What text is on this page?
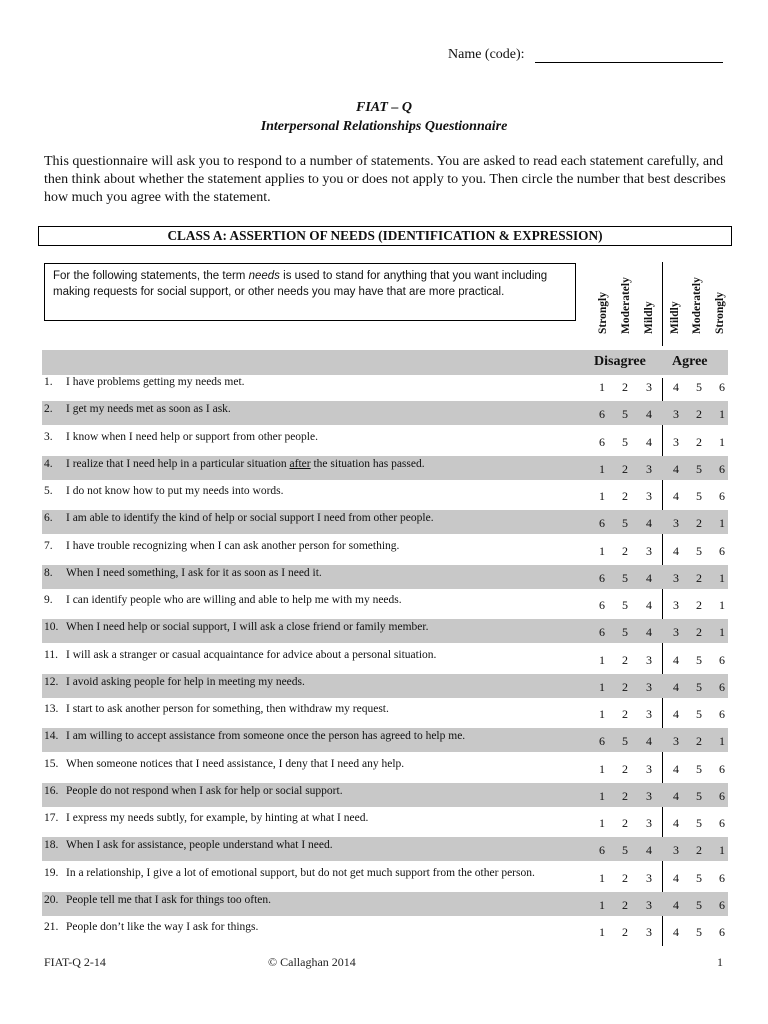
Name (code):
FIAT – Q
Interpersonal Relationships Questionnaire
This questionnaire will ask you to respond to a number of statements. You are asked to read each statement carefully, and then think about whether the statement applies to you or does not apply to you. Then circle the number that best describes how much you agree with the statement.
CLASS A: ASSERTION OF NEEDS (IDENTIFICATION & EXPRESSION)
For the following statements, the term needs is used to stand for anything that you want including making requests for social support, or other needs you may have that are more practical.
Strongly Moderately Mildly Mildly Moderately Strongly
Disagree Agree
1. I have problems getting my needs met.	1	2	3	4	5	6
2. I get my needs met as soon as I ask.	6	5	4	3	2	1
3. I know when I need help or support from other people.	6	5	4	3	2	1
4. I realize that I need help in a particular situation after the situation has passed.	1	2	3	4	5	6
5. I do not know how to put my needs into words.	1	2	3	4	5	6
6. I am able to identify the kind of help or social support I need from other people.	6	5	4	3	2	1
7. I have trouble recognizing when I can ask another person for something.	1	2	3	4	5	6
8. When I need something, I ask for it as soon as I need it.	6	5	4	3	2	1
9. I can identify people who are willing and able to help me with my needs.	6	5	4	3	2	1
10. When I need help or social support, I will ask a close friend or family member.	6	5	4	3	2	1
11. I will ask a stranger or casual acquaintance for advice about a personal situation.	1	2	3	4	5	6
12. I avoid asking people for help in meeting my needs.	1	2	3	4	5	6
13. I start to ask another person for something, then withdraw my request.	1	2	3	4	5	6
14. I am willing to accept assistance from someone once the person has agreed to help me.	6	5	4	3	2	1
15. When someone notices that I need assistance, I deny that I need any help.	1	2	3	4	5	6
16. People do not respond when I ask for help or social support.	1	2	3	4	5	6
17. I express my needs subtly, for example, by hinting at what I need.	1	2	3	4	5	6
18. When I ask for assistance, people understand what I need.	6	5	4	3	2	1
19. In a relationship, I give a lot of emotional support, but do not get much support from the other person.	1	2	3	4	5	6
20. People tell me that I ask for things too often.	1	2	3	4	5	6
21. People don’t like the way I ask for things.	1	2	3	4	5	6
FIAT-Q 2-14	© Callaghan 2014	1
